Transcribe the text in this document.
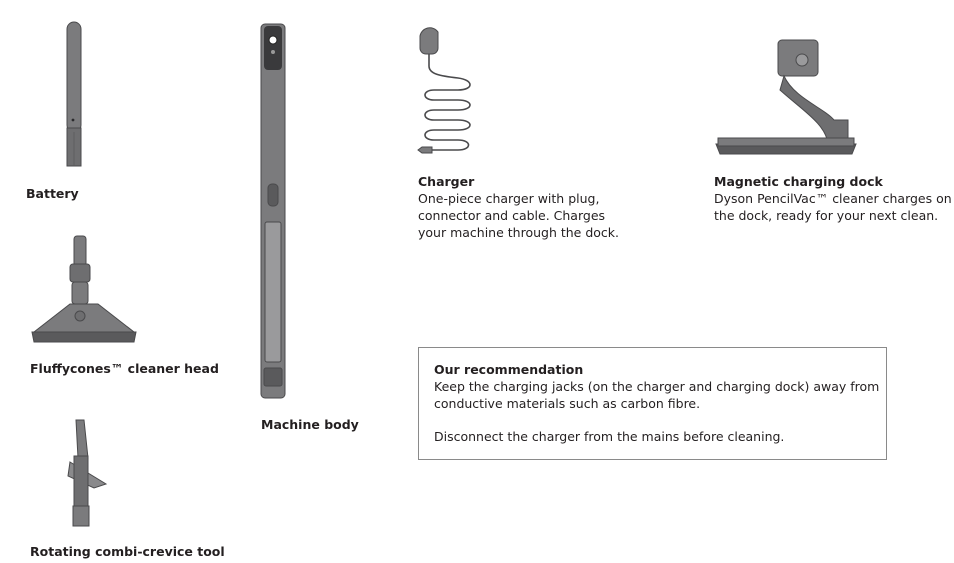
Battery
Fluffycones™ cleaner head
Rotating combi-crevice tool
Machine body
Charger
One-piece charger with plug,
connector and cable. Charges
your machine through the dock.
Magnetic charging dock
Dyson PencilVac™ cleaner charges on
the dock, ready for your next clean.
Our recommendation
Keep the charging jacks (on the charger and charging dock) away from
conductive materials such as carbon fibre.
Disconnect the charger from the mains before cleaning.
